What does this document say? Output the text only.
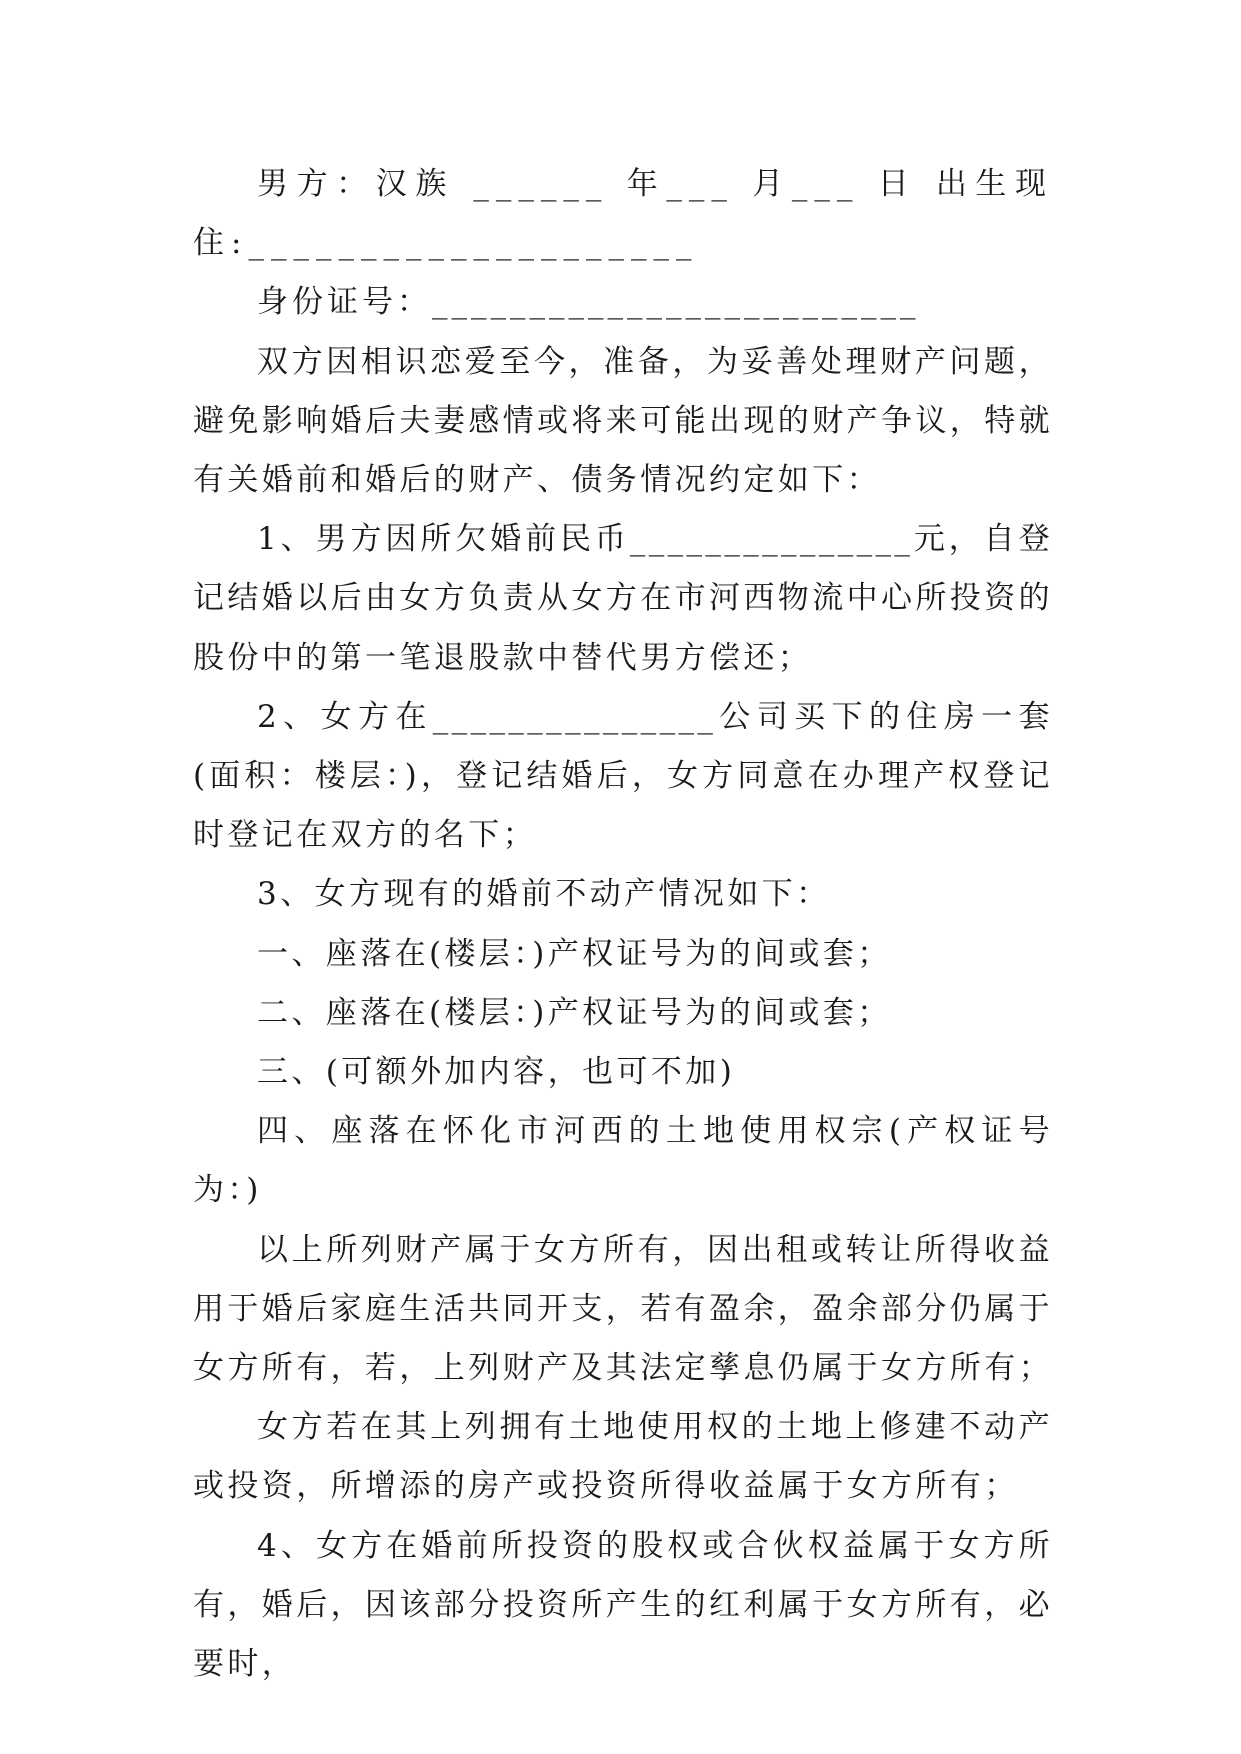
男方：汉族 ______ 年___ 月___ 日 出生现住:____________________

身份证号：_________________________

双方因相识恋爱至今，准备，为妥善处理财产问题，避免影响婚后夫妻感情或将来可能出现的财产争议，特就有关婚前和婚后的财产、债务情况约定如下：

1、男方因所欠婚前民币_______________元，自登记结婚以后由女方负责从女方在市河西物流中心所投资的股份中的第一笔退股款中替代男方偿还；

2、女方在_______________公司买下的住房一套(面积：楼层：)，登记结婚后，女方同意在办理产权登记时登记在双方的名下；

3、女方现有的婚前不动产情况如下：

一、座落在(楼层：)产权证号为的间或套；

二、座落在(楼层：)产权证号为的间或套；

三、(可额外加内容，也可不加)

四、座落在怀化市河西的土地使用权宗(产权证号为：)

以上所列财产属于女方所有，因出租或转让所得收益用于婚后家庭生活共同开支，若有盈余，盈余部分仍属于女方所有，若，上列财产及其法定孳息仍属于女方所有；

女方若在其上列拥有土地使用权的土地上修建不动产或投资，所增添的房产或投资所得收益属于女方所有；

4、女方在婚前所投资的股权或合伙权益属于女方所有，婚后，因该部分投资所产生的红利属于女方所有，必要时，
